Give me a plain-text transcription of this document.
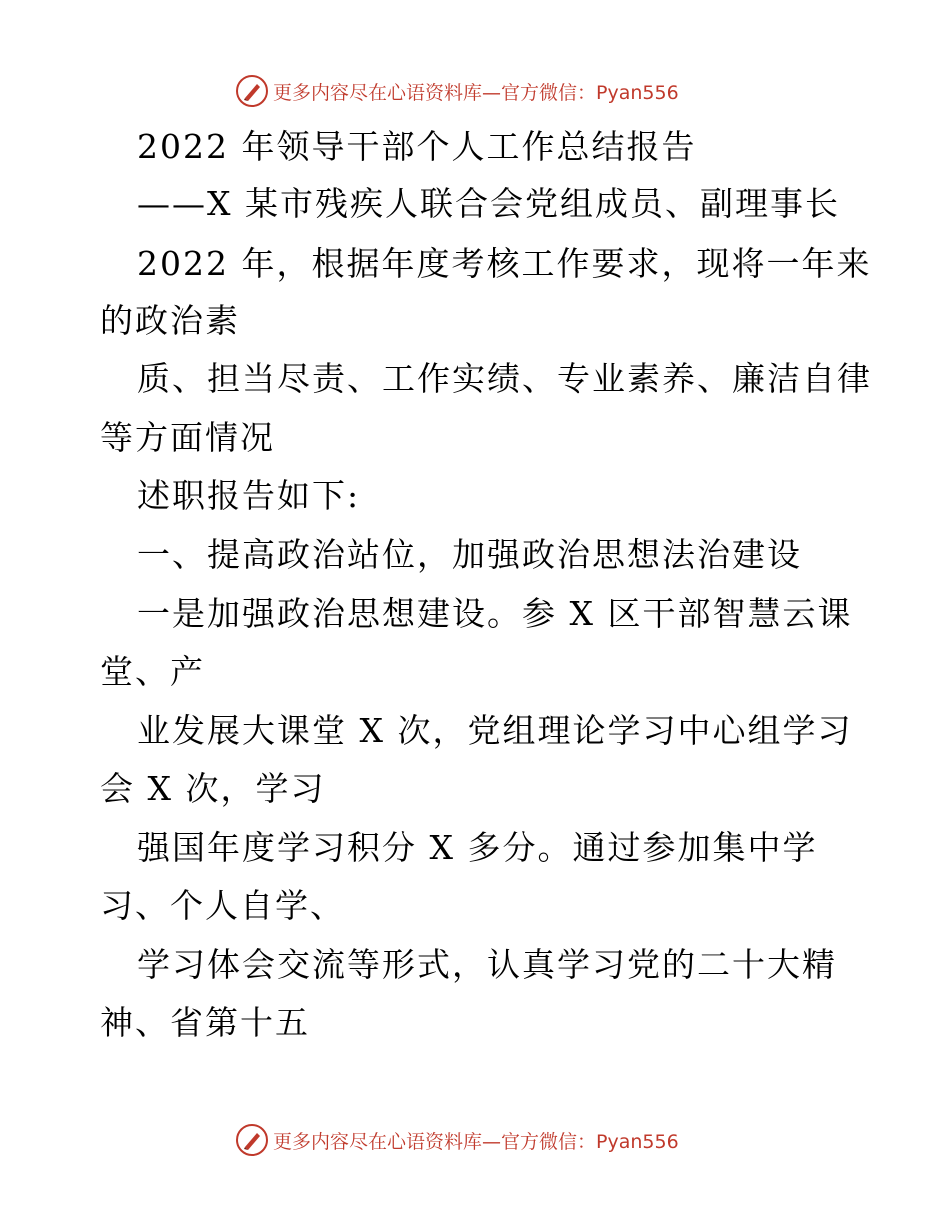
更多内容尽在心语资料库—官方微信：Pyan556
2022 年领导干部个人工作总结报告
——X 某市残疾人联合会党组成员、副理事长
2022 年，根据年度考核工作要求，现将一年来
的政治素
质、担当尽责、工作实绩、专业素养、廉洁自律
等方面情况
述职报告如下:
一、提高政治站位，加强政治思想法治建设
一是加强政治思想建设。参 X 区干部智慧云课
堂、产
业发展大课堂 X 次，党组理论学习中心组学习
会 X 次，学习
强国年度学习积分 X 多分。通过参加集中学
习、个人自学、
学习体会交流等形式，认真学习党的二十大精
神、省第十五
更多内容尽在心语资料库—官方微信：Pyan556
